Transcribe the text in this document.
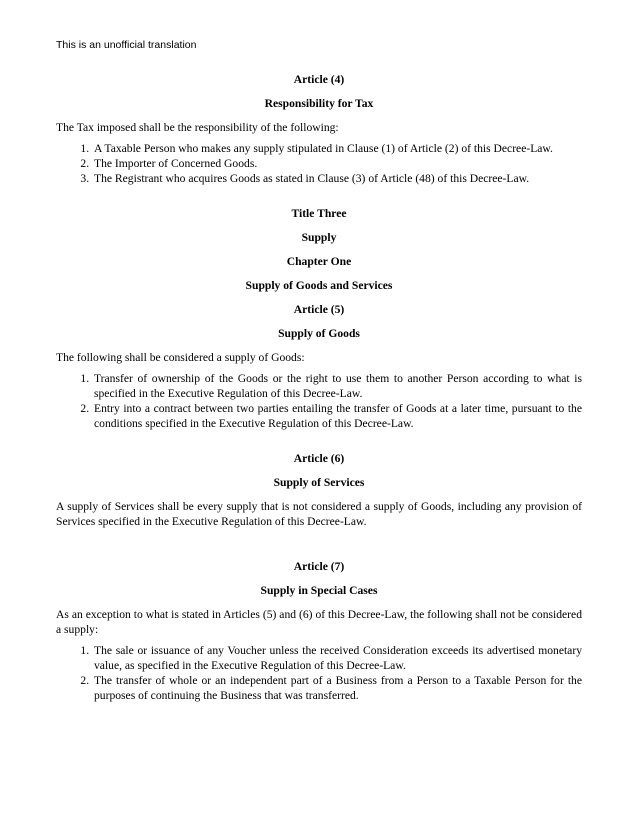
This is an unofficial translation

Article (4)

Responsibility for Tax

The Tax imposed shall be the responsibility of the following:

1. A Taxable Person who makes any supply stipulated in Clause (1) of Article (2) of this Decree-Law.
2. The Importer of Concerned Goods.
3. The Registrant who acquires Goods as stated in Clause (3) of Article (48) of this Decree-Law.

Title Three

Supply

Chapter One

Supply of Goods and Services

Article (5)

Supply of Goods

The following shall be considered a supply of Goods:

1. Transfer of ownership of the Goods or the right to use them to another Person according to what is specified in the Executive Regulation of this Decree-Law.
2. Entry into a contract between two parties entailing the transfer of Goods at a later time, pursuant to the conditions specified in the Executive Regulation of this Decree-Law.

Article (6)

Supply of Services

A supply of Services shall be every supply that is not considered a supply of Goods, including any provision of Services specified in the Executive Regulation of this Decree-Law.

Article (7)

Supply in Special Cases

As an exception to what is stated in Articles (5) and (6) of this Decree-Law, the following shall not be considered a supply:

1. The sale or issuance of any Voucher unless the received Consideration exceeds its advertised monetary value, as specified in the Executive Regulation of this Decree-Law.
2. The transfer of whole or an independent part of a Business from a Person to a Taxable Person for the purposes of continuing the Business that was transferred.
